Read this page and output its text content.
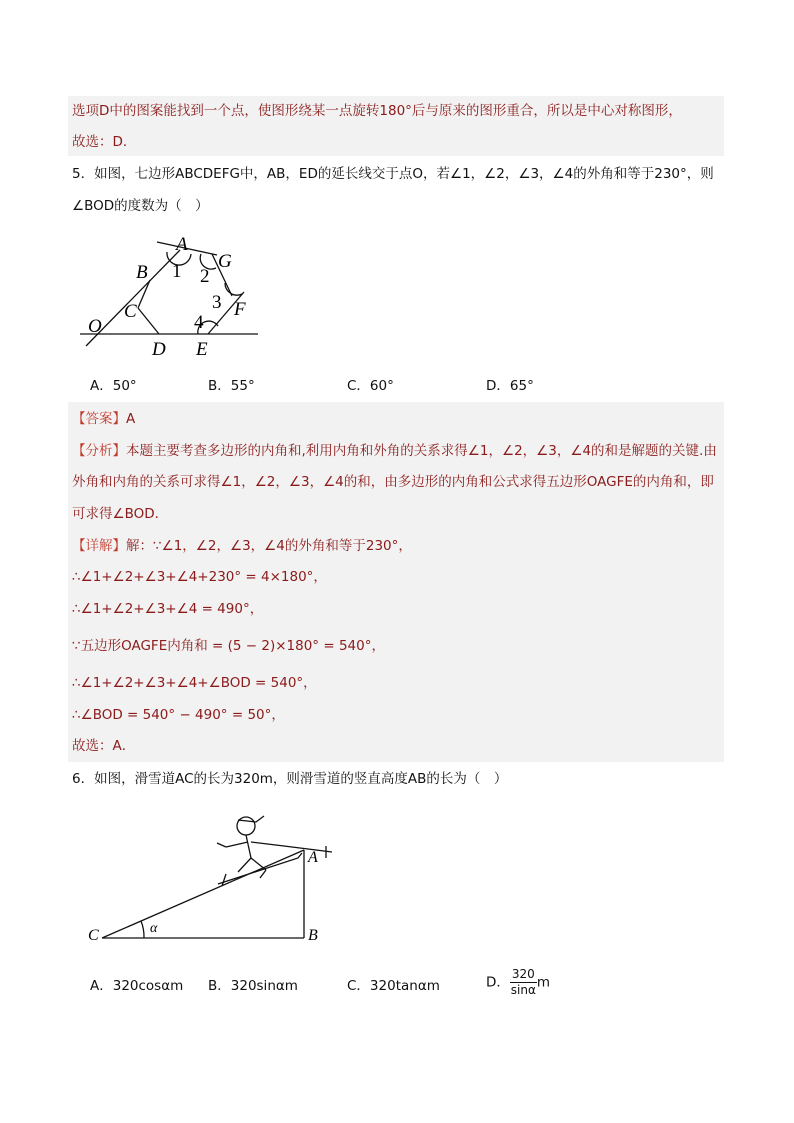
选项D中的图案能找到一个点，使图形绕某一点旋转180°后与原来的图形重合，所以是中心对称图形，
故选：D．
5．如图，七边形ABCDEFG中，AB，ED的延长线交于点O，若∠1，∠2，∠3，∠4的外角和等于230°，则
∠BOD的度数为（　）
A
B
C
D E
F
G
O
1 2
3
4
A．50°	B．55°	C．60°	D．65°
【答案】A
【分析】本题主要考查多边形的内角和,利用内角和外角的关系求得∠1，∠2，∠3，∠4的和是解题的关键.由
外角和内角的关系可求得∠1，∠2，∠3，∠4的和，由多边形的内角和公式求得五边形OAGFE的内角和，即
可求得∠BOD．
【详解】解：∵∠1，∠2，∠3，∠4的外角和等于230°，
∴∠1+∠2+∠3+∠4+230° = 4×180°，
∴∠1+∠2+∠3+∠4 = 490°，
∵五边形OAGFE内角和 = (5 − 2)×180° = 540°，
∴∠1+∠2+∠3+∠4+∠BOD = 540°，
∴∠BOD = 540° − 490° = 50°，
故选：A．
6．如图，滑雪道AC的长为320m，则滑雪道的竖直高度AB的长为（　）
A
B
C	α
A．320cosαm B．320sinαm	C．320tanαm	D． $\frac{320}{\sin\alpha}$ m
